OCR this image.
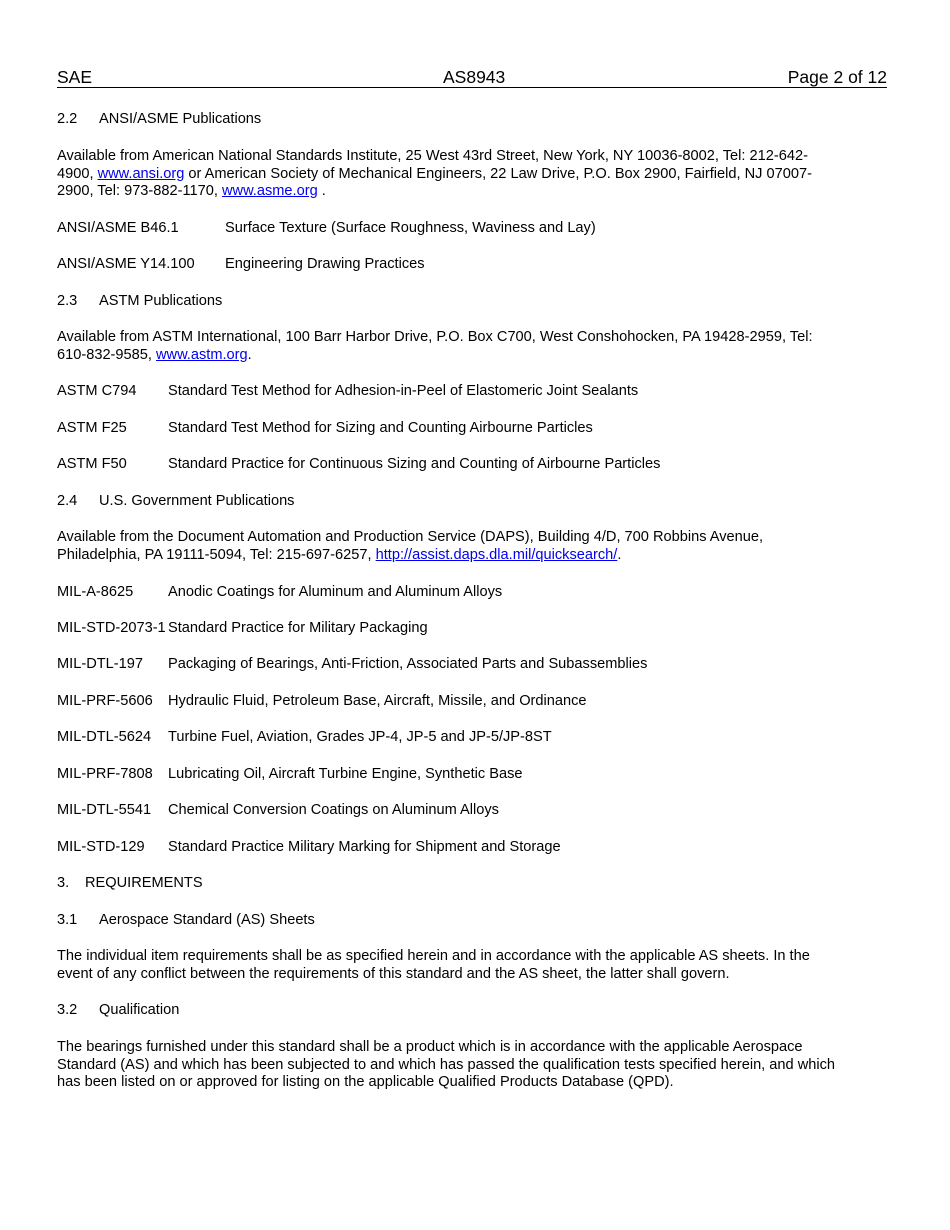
SAE	AS8943	Page 2 of 12
2.2 ANSI/ASME Publications
Available from American National Standards Institute, 25 West 43rd Street, New York, NY 10036-8002, Tel: 212-642-
4900, www.ansi.org or American Society of Mechanical Engineers, 22 Law Drive, P.O. Box 2900, Fairfield, NJ 07007-
2900, Tel: 973-882-1170, www.asme.org .
ANSI/ASME B46.1	Surface Texture (Surface Roughness, Waviness and Lay)
ANSI/ASME Y14.100 Engineering Drawing Practices
2.3 ASTM Publications
Available from ASTM International, 100 Barr Harbor Drive, P.O. Box C700, West Conshohocken, PA 19428-2959, Tel:
610-832-9585, www.astm.org.
ASTM C794 Standard Test Method for Adhesion-in-Peel of Elastomeric Joint Sealants
ASTM F25	Standard Test Method for Sizing and Counting Airbourne Particles
ASTM F50	Standard Practice for Continuous Sizing and Counting of Airbourne Particles
2.4 U.S. Government Publications
Available from the Document Automation and Production Service (DAPS), Building 4/D, 700 Robbins Avenue,
Philadelphia, PA 19111-5094, Tel: 215-697-6257, http://assist.daps.dla.mil/quicksearch/.
MIL-A-8625 Anodic Coatings for Aluminum and Aluminum Alloys
MIL-STD-2073-1 Standard Practice for Military Packaging
MIL-DTL-197 Packaging of Bearings, Anti-Friction, Associated Parts and Subassemblies
MIL-PRF-5606 Hydraulic Fluid, Petroleum Base, Aircraft, Missile, and Ordinance
MIL-DTL-5624 Turbine Fuel, Aviation, Grades JP-4, JP-5 and JP-5/JP-8ST
MIL-PRF-7808 Lubricating Oil, Aircraft Turbine Engine, Synthetic Base
MIL-DTL-5541 Chemical Conversion Coatings on Aluminum Alloys
MIL-STD-129 Standard Practice Military Marking for Shipment and Storage
3. REQUIREMENTS
3.1 Aerospace Standard (AS) Sheets
The individual item requirements shall be as specified herein and in accordance with the applicable AS sheets. In the
event of any conflict between the requirements of this standard and the AS sheet, the latter shall govern.
3.2 Qualification
The bearings furnished under this standard shall be a product which is in accordance with the applicable Aerospace
Standard (AS) and which has been subjected to and which has passed the qualification tests specified herein, and which
has been listed on or approved for listing on the applicable Qualified Products Database (QPD).
